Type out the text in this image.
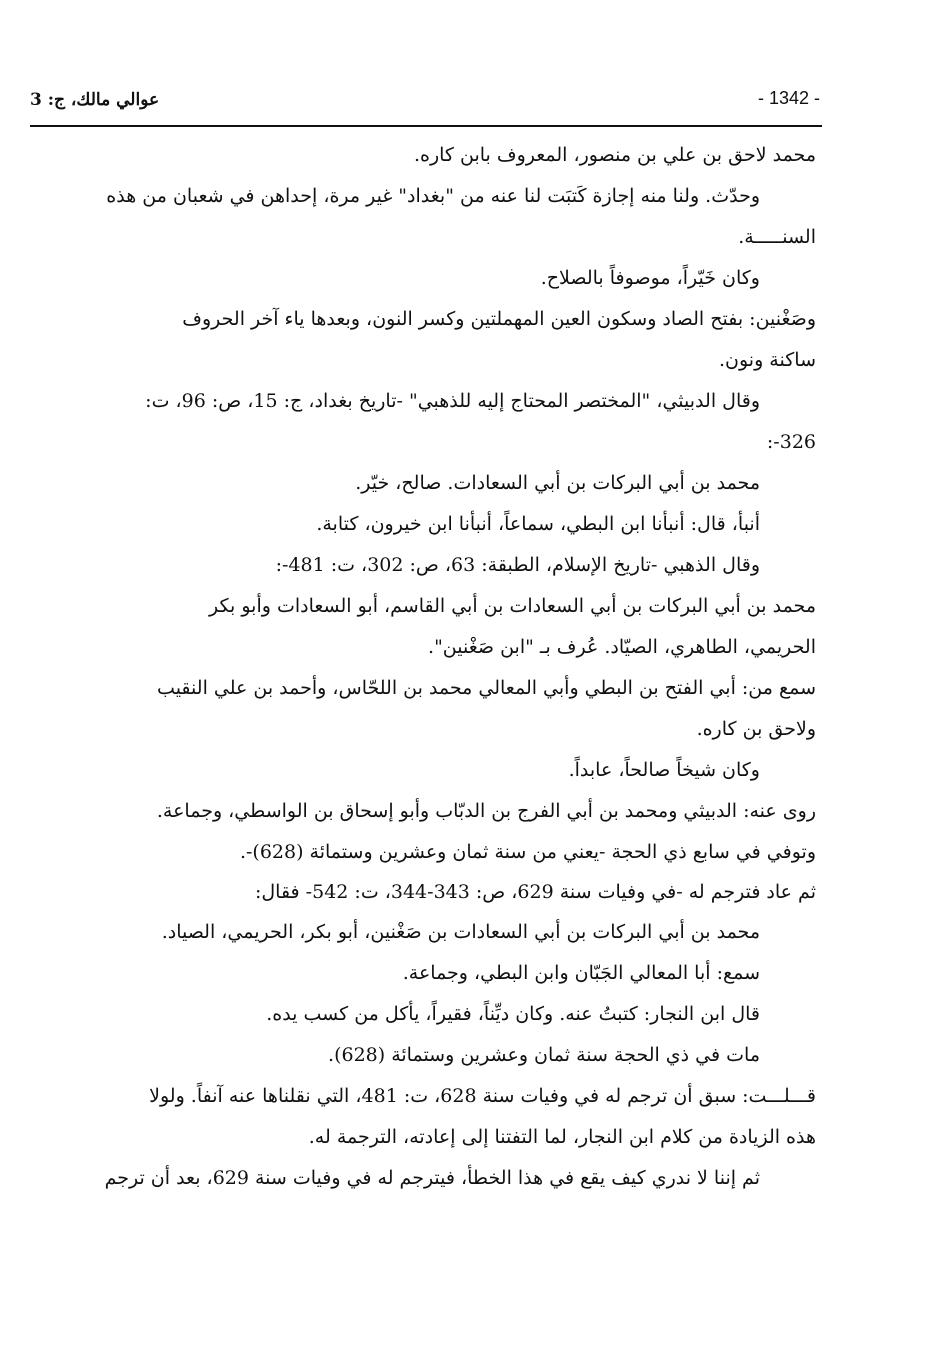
عوالي مالك، ج: 3	- 1342 -
محمد لاحق بن علي بن منصور، المعروف بابن كاره.
وحدّث. ولنا منه إجازة كَتبَت لنا عنه من "بغداد" غير مرة، إحداهن في شعبان من هذه
السنـــــة.
وكان خَيّراً، موصوفاً بالصلاح.
وصَغْنين: بفتح الصاد وسكون العين المهملتين وكسر النون، وبعدها ياء آخر الحروف
ساكنة ونون.
وقال الدبيثي، "المختصر المحتاج إليه للذهبي" -تاريخ بغداد، ج: 15، ص: 96، ت:
326-:
محمد بن أبي البركات بن أبي السعادات. صالح، خيّر.
أنبأ، قال: أنبأنا ابن البطي، سماعاً، أنبأنا ابن خيرون، كتابة.
وقال الذهبي -تاريخ الإسلام، الطبقة: 63، ص: 302، ت: 481-:
محمد بن أبي البركات بن أبي السعادات بن أبي القاسم، أبو السعادات وأبو بكر
الحريمي، الطاهري، الصيّاد. عُرف بـ "ابن صَغْنين".
سمع من: أبي الفتح بن البطي وأبي المعالي محمد بن اللحّاس، وأحمد بن علي النقيب
ولاحق بن كاره.
وكان شيخاً صالحاً، عابداً.
روى عنه: الدبيثي ومحمد بن أبي الفرج بن الدبّاب وأبو إسحاق بن الواسطي، وجماعة.
وتوفي في سابع ذي الحجة -يعني من سنة ثمان وعشرين وستمائة (628)-.
ثم عاد فترجم له -في وفيات سنة 629، ص: 343-344، ت: 542- فقال:
محمد بن أبي البركات بن أبي السعادات بن صَغْنين، أبو بكر، الحريمي، الصياد.
سمع: أبا المعالي الجَبّان وابن البطي، وجماعة.
قال ابن النجار: كتبتُ عنه. وكان ديِّناً، فقيراً، يأكل من كسب يده.
مات في ذي الحجة سنة ثمان وعشرين وستمائة (628).
قـــلـــت: سبق أن ترجم له في وفيات سنة 628، ت: 481، التي نقلناها عنه آنفاً. ولولا
هذه الزيادة من كلام ابن النجار، لما التفتنا إلى إعادته، الترجمة له.
ثم إننا لا ندري كيف يقع في هذا الخطأ، فيترجم له في وفيات سنة 629، بعد أن ترجم
